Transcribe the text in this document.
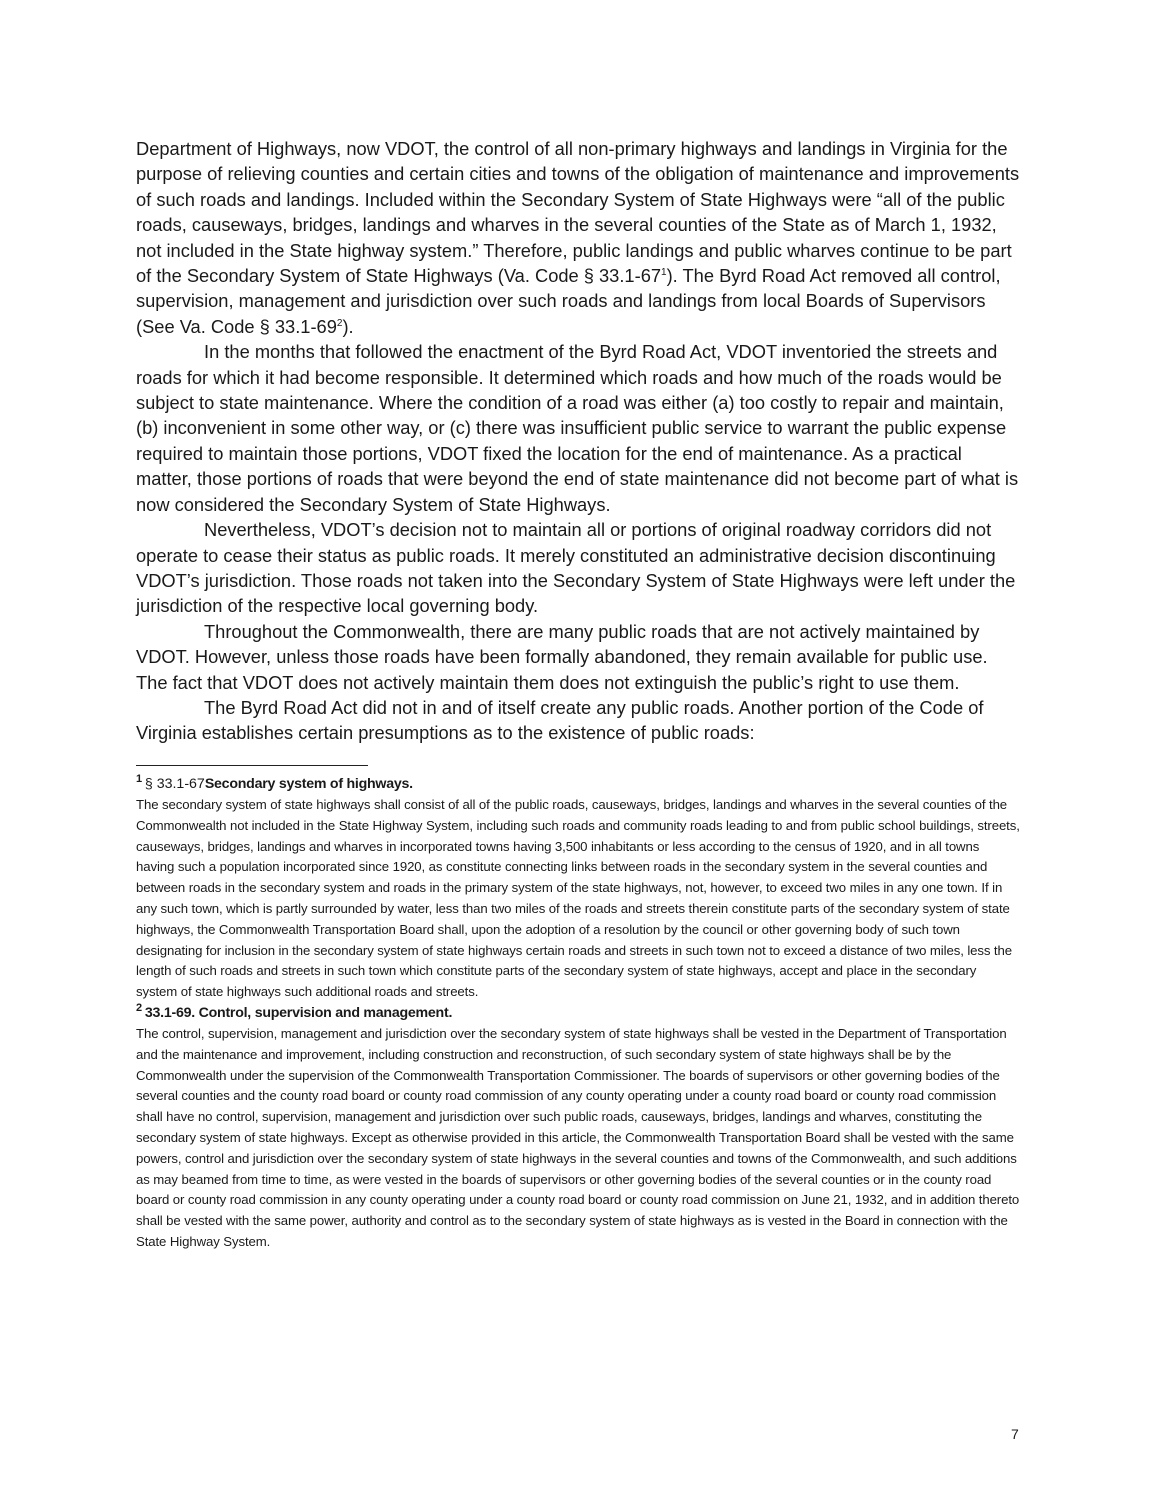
Department of Highways, now VDOT, the control of all non-primary highways and landings in Virginia for the purpose of relieving counties and certain cities and towns of the obligation of maintenance and improvements of such roads and landings. Included within the Secondary System of State Highways were “all of the public roads, causeways, bridges, landings and wharves in the several counties of the State as of March 1, 1932, not included in the State highway system.” Therefore, public landings and public wharves continue to be part of the Secondary System of State Highways (Va. Code § $33.1-67^1$). The Byrd Road Act removed all control, supervision, management and jurisdiction over such roads and landings from local Boards of Supervisors (See Va. Code § $33.1-69^2$).

In the months that followed the enactment of the Byrd Road Act, VDOT inventoried the streets and roads for which it had become responsible. It determined which roads and how much of the roads would be subject to state maintenance. Where the condition of a road was either (a) too costly to repair and maintain, (b) inconvenient in some other way, or (c) there was insufficient public service to warrant the public expense required to maintain those portions, VDOT fixed the location for the end of maintenance. As a practical matter, those portions of roads that were beyond the end of state maintenance did not become part of what is now considered the Secondary System of State Highways.

Nevertheless, VDOT’s decision not to maintain all or portions of original roadway corridors did not operate to cease their status as public roads. It merely constituted an administrative decision discontinuing VDOT’s jurisdiction. Those roads not taken into the Secondary System of State Highways were left under the jurisdiction of the respective local governing body.

Throughout the Commonwealth, there are many public roads that are not actively maintained by VDOT. However, unless those roads have been formally abandoned, they remain available for public use. The fact that VDOT does not actively maintain them does not extinguish the public’s right to use them.

The Byrd Road Act did not in and of itself create any public roads. Another portion of the Code of Virginia establishes certain presumptions as to the existence of public roads:

$^1$ § 33.1-67Secondary system of highways.

The secondary system of state highways shall consist of all of the public roads, causeways, bridges, landings and wharves in the several counties of the Commonwealth not included in the State Highway System, including such roads and community roads leading to and from public school buildings, streets, causeways, bridges, landings and wharves in incorporated towns having 3,500 inhabitants or less according to the census of 1920, and in all towns having such a population incorporated since 1920, as constitute connecting links between roads in the secondary system in the several counties and between roads in the secondary system and roads in the primary system of the state highways, not, however, to exceed two miles in any one town. If in any such town, which is partly surrounded by water, less than two miles of the roads and streets therein constitute parts of the secondary system of state highways, the Commonwealth Transportation Board shall, upon the adoption of a resolution by the council or other governing body of such town designating for inclusion in the secondary system of state highways certain roads and streets in such town not to exceed a distance of two miles, less the length of such roads and streets in such town which constitute parts of the secondary system of state highways, accept and place in the secondary system of state highways such additional roads and streets.

$^2$ 33.1-69. Control, supervision and management.

The control, supervision, management and jurisdiction over the secondary system of state highways shall be vested in the Department of Transportation and the maintenance and improvement, including construction and reconstruction, of such secondary system of state highways shall be by the Commonwealth under the supervision of the Commonwealth Transportation Commissioner. The boards of supervisors or other governing bodies of the several counties and the county road board or county road commission of any county operating under a county road board or county road commission shall have no control, supervision, management and jurisdiction over such public roads, causeways, bridges, landings and wharves, constituting the secondary system of state highways. Except as otherwise provided in this article, the Commonwealth Transportation Board shall be vested with the same powers, control and jurisdiction over the secondary system of state highways in the several counties and towns of the Commonwealth, and such additions as may beamed from time to time, as were vested in the boards of supervisors or other governing bodies of the several counties or in the county road board or county road commission in any county operating under a county road board or county road commission on June 21, 1932, and in addition thereto shall be vested with the same power, authority and control as to the secondary system of state highways as is vested in the Board in connection with the State Highway System.

7
